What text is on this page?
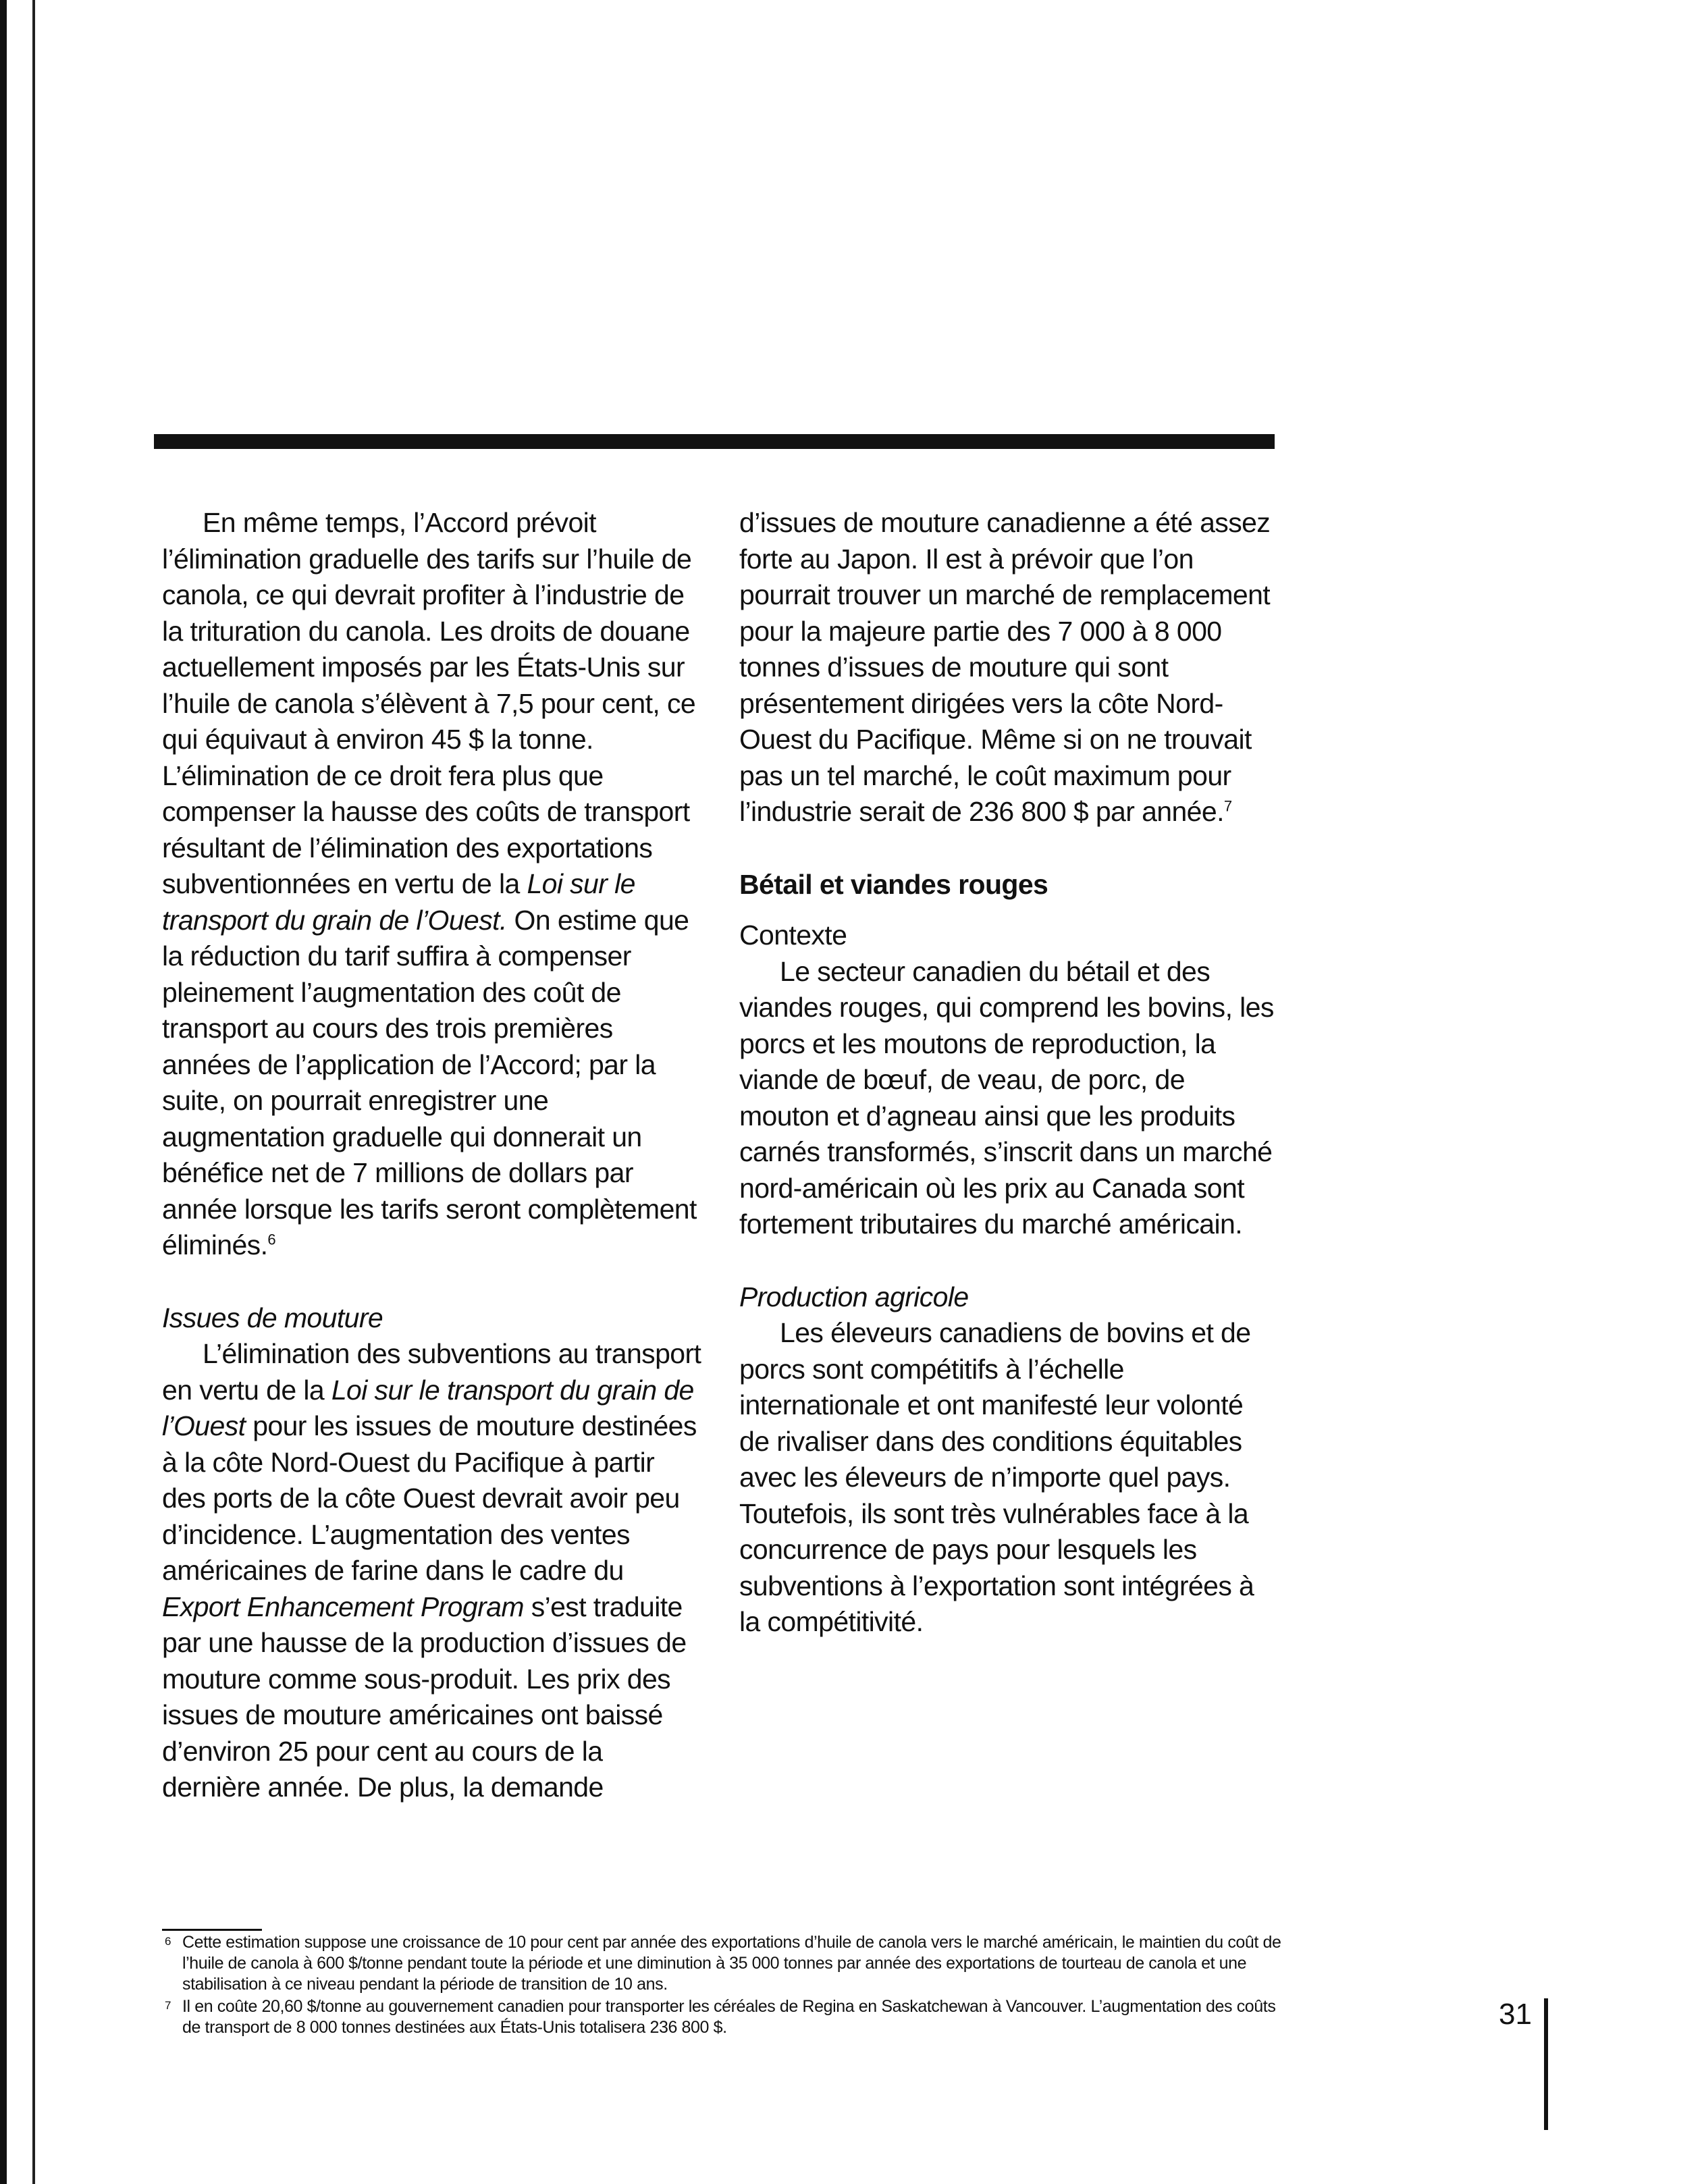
En même temps, l’Accord prévoit l’élimination graduelle des tarifs sur l’huile de canola, ce qui devrait profiter à l’industrie de la trituration du canola. Les droits de douane actuellement imposés par les États-Unis sur l’huile de canola s’élèvent à 7,5 pour cent, ce qui équivaut à environ 45 $ la tonne. L’élimination de ce droit fera plus que compenser la hausse des coûts de transport résultant de l’élimination des exportations subventionnées en vertu de la Loi sur le transport du grain de l’Ouest. On estime que la réduction du tarif suffira à compenser pleinement l’augmentation des coût de transport au cours des trois premières années de l’application de l’Accord; par la suite, on pourrait enregistrer une augmentation graduelle qui donnerait un bénéfice net de 7 millions de dollars par année lorsque les tarifs seront complètement éliminés.$^6$

Issues de mouture

L’élimination des subventions au transport en vertu de la Loi sur le transport du grain de l’Ouest pour les issues de mouture destinées à la côte Nord-Ouest du Pacifique à partir des ports de la côte Ouest devrait avoir peu d’incidence. L’augmentation des ventes américaines de farine dans le cadre du Export Enhancement Program s’est traduite par une hausse de la production d’issues de mouture comme sous-produit. Les prix des issues de mouture américaines ont baissé d’environ 25 pour cent au cours de la dernière année. De plus, la demande

d’issues de mouture canadienne a été assez forte au Japon. Il est à prévoir que l’on pourrait trouver un marché de remplacement pour la majeure partie des 7 000 à 8 000 tonnes d’issues de mouture qui sont présentement dirigées vers la côte Nord-Ouest du Pacifique. Même si on ne trouvait pas un tel marché, le coût maximum pour l’industrie serait de 236 800 $ par année.$^7$

Bétail et viandes rouges

Contexte

Le secteur canadien du bétail et des viandes rouges, qui comprend les bovins, les porcs et les moutons de reproduction, la viande de bœuf, de veau, de porc, de mouton et d’agneau ainsi que les produits carnés transformés, s’inscrit dans un marché nord-américain où les prix au Canada sont fortement tributaires du marché américain.

Production agricole

Les éleveurs canadiens de bovins et de porcs sont compétitifs à l’échelle internationale et ont manifesté leur volonté de rivaliser dans des conditions équitables avec les éleveurs de n’importe quel pays. Toutefois, ils sont très vulnérables face à la concurrence de pays pour lesquels les subventions à l’exportation sont intégrées à la compétitivité.

6 Cette estimation suppose une croissance de 10 pour cent par année des exportations d’huile de canola vers le marché américain, le maintien du coût de l’huile de canola à 600 $/tonne pendant toute la période et une diminution à 35 000 tonnes par année des exportations de tourteau de canola et une stabilisation à ce niveau pendant la période de transition de 10 ans.

7 Il en coûte 20,60 $/tonne au gouvernement canadien pour transporter les céréales de Regina en Saskatchewan à Vancouver. L’augmentation des coûts de transport de 8 000 tonnes destinées aux États-Unis totalisera 236 800 $.	31
